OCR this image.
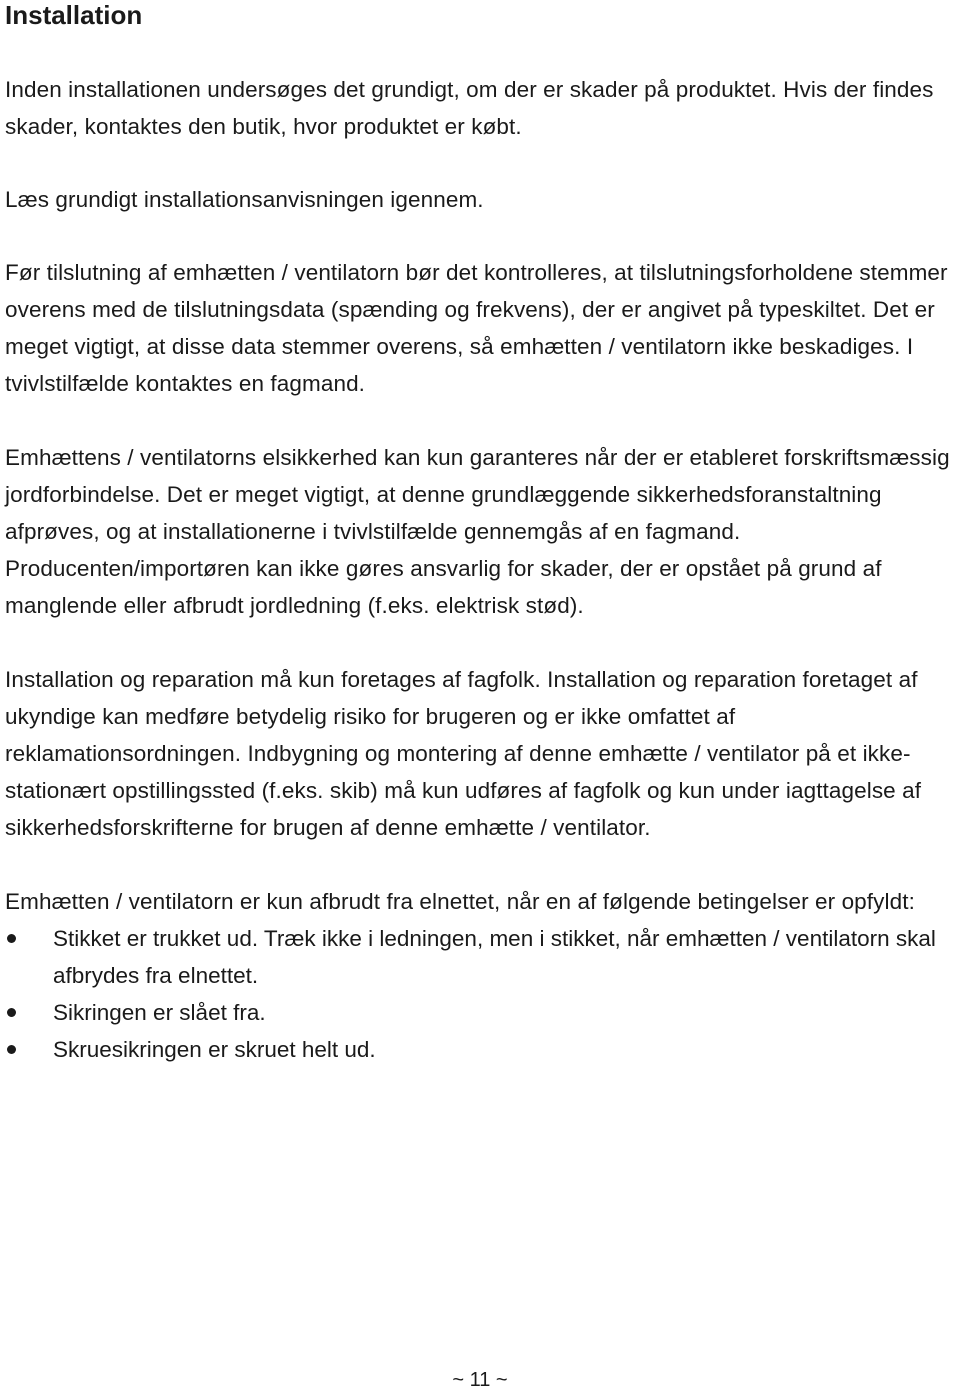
Installation

Inden installationen undersøges det grundigt, om der er skader på produktet. Hvis der findes skader, kontaktes den butik, hvor produktet er købt.

Læs grundigt installationsanvisningen igennem.

Før tilslutning af emhætten / ventilatorn bør det kontrolleres, at tilslutningsforholdene stemmer overens med de tilslutningsdata (spænding og frekvens), der er angivet på typeskiltet. Det er meget vigtigt, at disse data stemmer overens, så emhætten / ventilatorn ikke beskadiges. I tvivlstilfælde kontaktes en fagmand.

Emhættens / ventilatorns elsikkerhed kan kun garanteres når der er etableret forskriftsmæssig jordforbindelse. Det er meget vigtigt, at denne grundlæggende sikkerhedsforanstaltning afprøves, og at installationerne i tvivlstilfælde gennemgås af en fagmand. Producenten/importøren kan ikke gøres ansvarlig for skader, der er opstået på grund af manglende eller afbrudt jordledning (f.eks. elektrisk stød).

Installation og reparation må kun foretages af fagfolk. Installation og reparation foretaget af ukyndige kan medføre betydelig risiko for brugeren og er ikke omfattet af reklamationsordningen. Indbygning og montering af denne emhætte / ventilator på et ikke-stationært opstillingssted (f.eks. skib) må kun udføres af fagfolk og kun under iagttagelse af sikkerhedsforskrifterne for brugen af denne emhætte / ventilator.

Emhætten / ventilatorn er kun afbrudt fra elnettet, når en af følgende betingelser er opfyldt:

Stikket er trukket ud. Træk ikke i ledningen, men i stikket, når emhætten / ventilatorn skal afbrydes fra elnettet.
Sikringen er slået fra.
Skruesikringen er skruet helt ud.
~ 11 ~
